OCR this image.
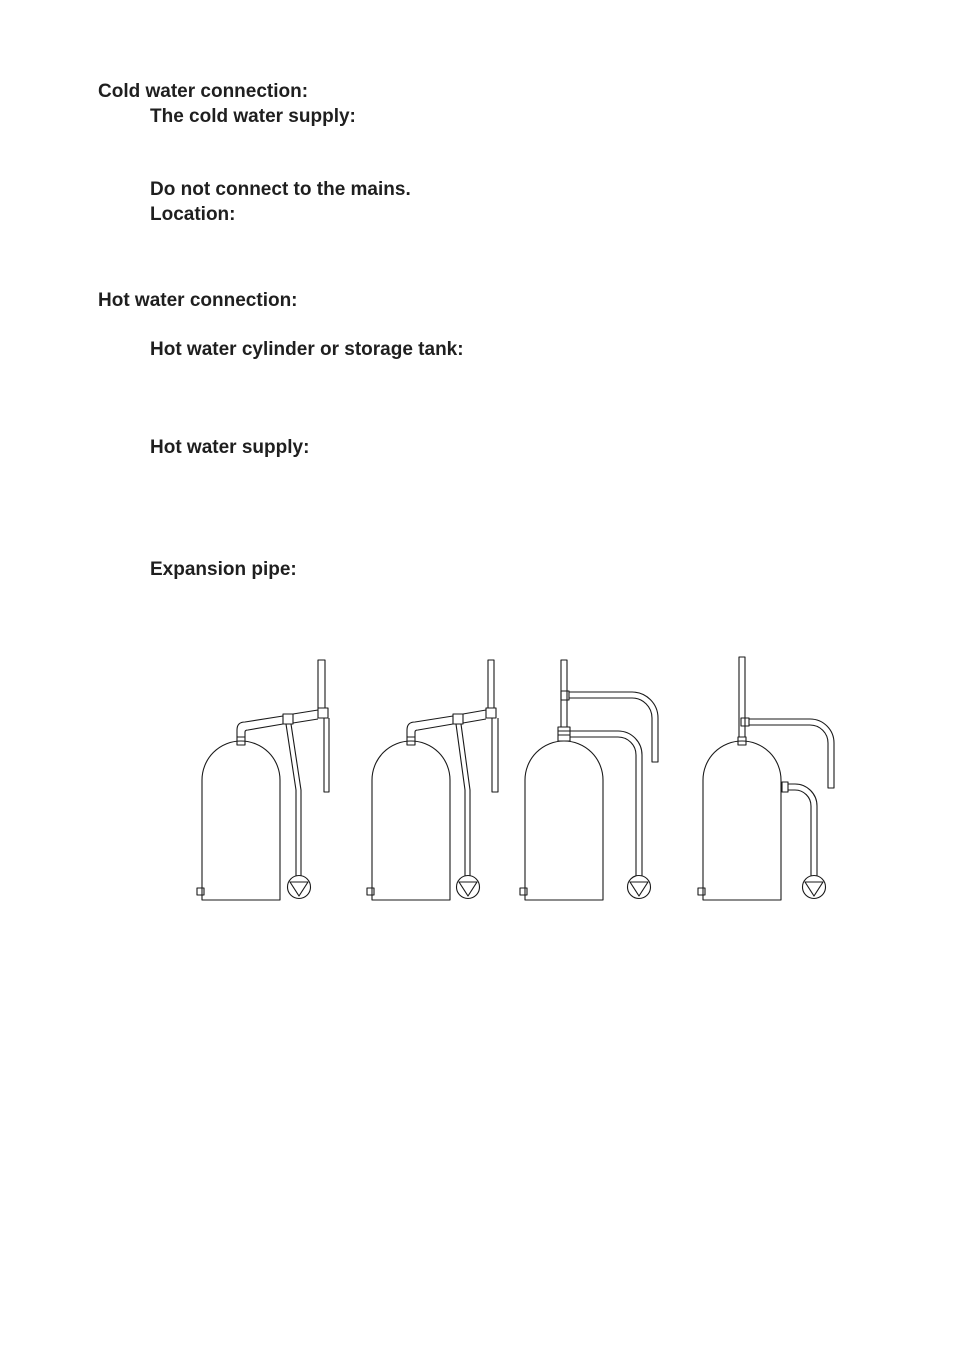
Cold water connection:

The cold water supply:

Do not connect to the mains.

Location:

Hot water connection:

Hot water cylinder or storage tank:

Hot water supply:

Expansion pipe:
